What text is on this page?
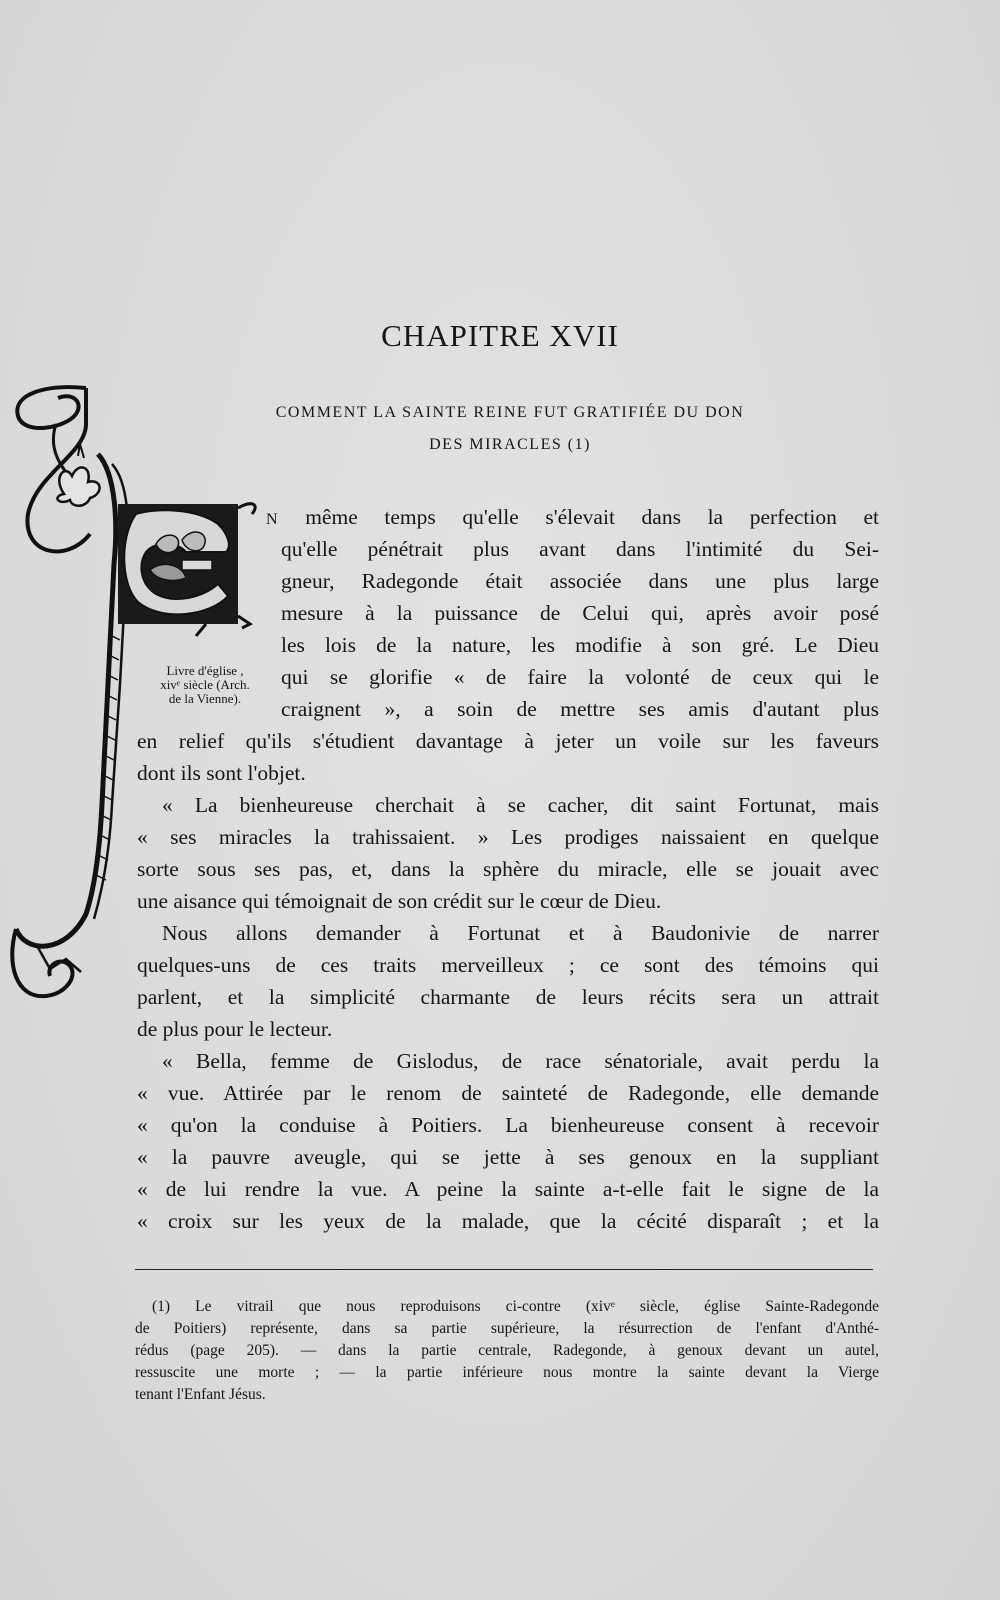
CHAPITRE XVII
COMMENT LA SAINTE REINE FUT GRATIFIÉE DU DON
DES MIRACLES (1)
Livre d'église ,
xivᵉ siècle (Arch.
de la Vienne).
N même temps qu'elle s'élevait dans la perfection et
qu'elle pénétrait plus avant dans l'intimité du Sei-
gneur, Radegonde était associée dans une plus large
mesure à la puissance de Celui qui, après avoir posé
les lois de la nature, les modifie à son gré. Le Dieu
qui se glorifie « de faire la volonté de ceux qui le
craignent », a soin de mettre ses amis d'autant plus
en relief qu'ils s'étudient davantage à jeter un voile sur les faveurs
dont ils sont l'objet.
« La bienheureuse cherchait à se cacher, dit saint Fortunat, mais
« ses miracles la trahissaient. » Les prodiges naissaient en quelque
sorte sous ses pas, et, dans la sphère du miracle, elle se jouait avec
une aisance qui témoignait de son crédit sur le cœur de Dieu.
Nous allons demander à Fortunat et à Baudonivie de narrer
quelques-uns de ces traits merveilleux ; ce sont des témoins qui
parlent, et la simplicité charmante de leurs récits sera un attrait
de plus pour le lecteur.
« Bella, femme de Gislodus, de race sénatoriale, avait perdu la
« vue. Attirée par le renom de sainteté de Radegonde, elle demande
« qu'on la conduise à Poitiers. La bienheureuse consent à recevoir
« la pauvre aveugle, qui se jette à ses genoux en la suppliant
« de lui rendre la vue. A peine la sainte a-t-elle fait le signe de la
« croix sur les yeux de la malade, que la cécité disparaît ; et la
(1) Le vitrail que nous reproduisons ci-contre (xivᵉ siècle, église Sainte-Radegonde
de Poitiers) représente, dans sa partie supérieure, la résurrection de l'enfant d'Anthé-
rédus (page 205). — dans la partie centrale, Radegonde, à genoux devant un autel,
ressuscite une morte ; — la partie inférieure nous montre la sainte devant la Vierge
tenant l'Enfant Jésus.
